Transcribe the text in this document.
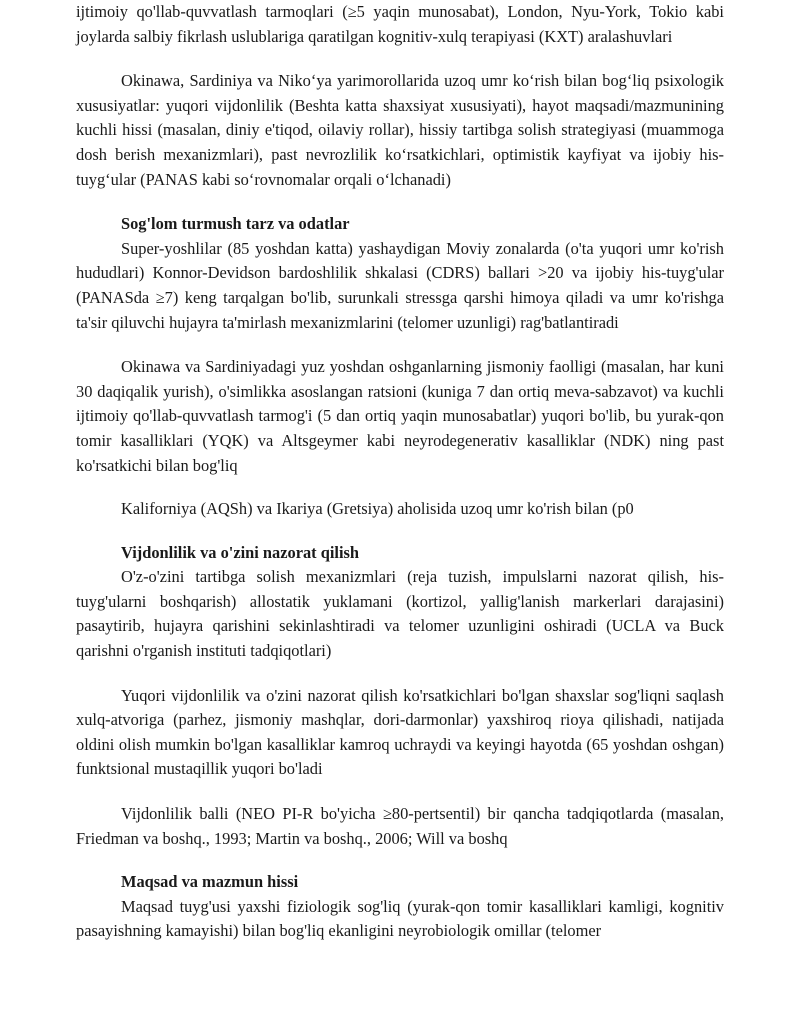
ijtimoiy qo'llab-quvvatlash tarmoqlari (≥5 yaqin munosabat), London, Nyu-York, Tokio kabi joylarda salbiy fikrlash uslublariga qaratilgan kognitiv-xulq terapiyasi (KXT) aralashuvlari

Okinawa, Sardiniya va Niko‘ya yarimorollarida uzoq umr ko‘rish bilan bog‘liq psixologik xususiyatlar: yuqori vijdonlilik (Beshta katta shaxsiyat xususiyati), hayot maqsadi/mazmunining kuchli hissi (masalan, diniy e'tiqod, oilaviy rollar), hissiy tartibga solish strategiyasi (muammoga dosh berish mexanizmlari), past nevrozlilik ko‘rsatkichlari, optimistik kayfiyat va ijobiy his-tuyg‘ular (PANAS kabi so‘rovnomalar orqali o‘lchanadi)

Sog'lom turmush tarz va odatlar

Super-yoshlilar (85 yoshdan katta) yashaydigan Moviy zonalarda (o'ta yuqori umr ko'rish hududlari) Konnor-Devidson bardoshlilik shkalasi (CDRS) ballari >20 va ijobiy his-tuyg'ular (PANASda ≥7) keng tarqalgan bo'lib, surunkali stressga qarshi himoya qiladi va umr ko'rishga ta'sir qiluvchi hujayra ta'mirlash mexanizmlarini (telomer uzunligi) rag'batlantiradi

Okinawa va Sardiniyadagi yuz yoshdan oshganlarning jismoniy faolligi (masalan, har kuni 30 daqiqalik yurish), o'simlikka asoslangan ratsioni (kuniga 7 dan ortiq meva-sabzavot) va kuchli ijtimoiy qo'llab-quvvatlash tarmog'i (5 dan ortiq yaqin munosabatlar) yuqori bo'lib, bu yurak-qon tomir kasalliklari (YQK) va Altsgeymer kabi neyrodegenerativ kasalliklar (NDK) ning past ko'rsatkichi bilan bog'liq

Kaliforniya (AQSh) va Ikariya (Gretsiya) aholisida uzoq umr ko'rish bilan (p0

Vijdonlilik va o'zini nazorat qilish

O'z-o'zini tartibga solish mexanizmlari (reja tuzish, impulslarni nazorat qilish, his-tuyg'ularni boshqarish) allostatik yuklamani (kortizol, yallig'lanish markerlari darajasini) pasaytirib, hujayra qarishini sekinlashtiradi va telomer uzunligini oshiradi (UCLA va Buck qarishni o'rganish instituti tadqiqotlari)

Yuqori vijdonlilik va o'zini nazorat qilish ko'rsatkichlari bo'lgan shaxslar sog'liqni saqlash xulq-atvoriga (parhez, jismoniy mashqlar, dori-darmonlar) yaxshiroq rioya qilishadi, natijada oldini olish mumkin bo'lgan kasalliklar kamroq uchraydi va keyingi hayotda (65 yoshdan oshgan) funktsional mustaqillik yuqori bo'ladi

Vijdonlilik balli (NEO PI-R bo'yicha ≥80-pertsentil) bir qancha tadqiqotlarda (masalan, Friedman va boshq., 1993; Martin va boshq., 2006; Will va boshq

Maqsad va mazmun hissi

Maqsad tuyg'usi yaxshi fiziologik sog'liq (yurak-qon tomir kasalliklari kamligi, kognitiv pasayishning kamayishi) bilan bog'liq ekanligini neyrobiologik omillar (telomer
